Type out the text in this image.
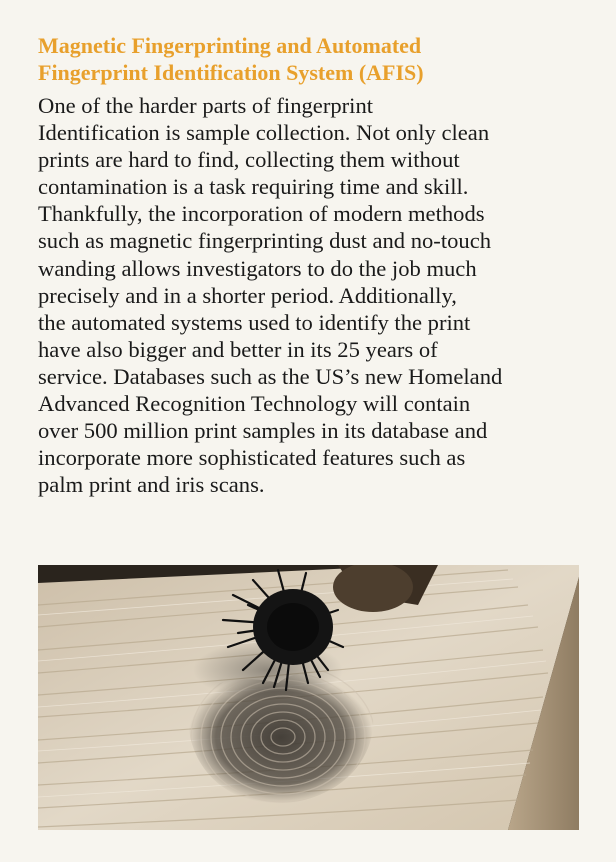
Magnetic Fingerprinting and Automated
Fingerprint Identification System (AFIS)

One of the harder parts of fingerprint
Identification is sample collection. Not only clean
prints are hard to find, collecting them without
contamination is a task requiring time and skill.
Thankfully, the incorporation of modern methods
such as magnetic fingerprinting dust and no-touch
wanding allows investigators to do the job much
precisely and in a shorter period. Additionally,
the automated systems used to identify the print
have also bigger and better in its 25 years of
service. Databases such as the US’s new Homeland
Advanced Recognition Technology will contain
over 500 million print samples in its database and
incorporate more sophisticated features such as
palm print and iris scans.
